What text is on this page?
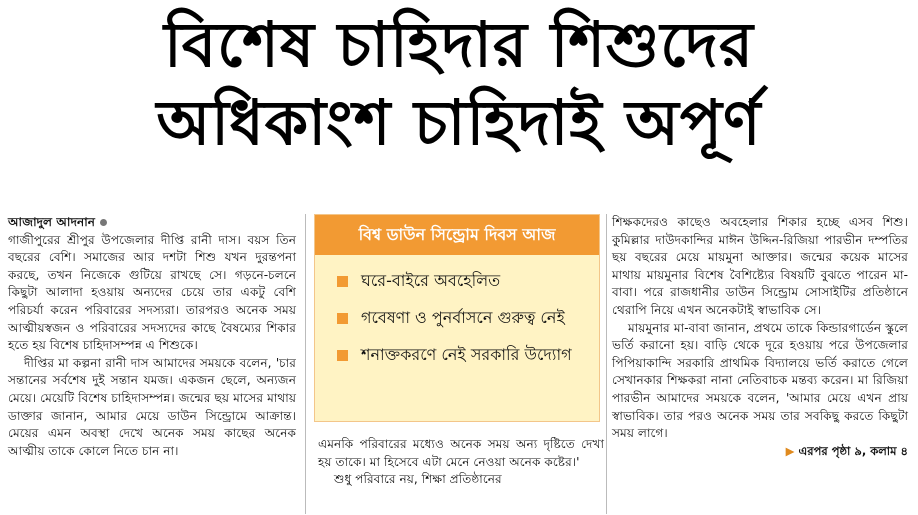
বিশেষ চাহিদার শিশুদের
অধিকাংশ চাহিদাই অপূর্ণ

আজাদুল আদনান

গাজীপুরের শ্রীপুর উপজেলার দীপ্তি রানী দাস। বয়স তিন বছরের বেশি। সমাজের আর দশটা শিশু যখন দুরন্তপনা করছে, তখন নিজেকে গুটিয়ে রাখছে সে। গড়নে-চলনে কিছুটা আলাদা হওয়ায় অন্যদের চেয়ে তার একটু বেশি পরিচর্যা করেন পরিবারের সদস্যরা। তারপরও অনেক সময় আত্মীয়স্বজন ও পরিবারের সদস্যদের কাছে বৈষম্যের শিকার হতে হয় বিশেষ চাহিদাসম্পন্ন এ শিশুকে।

দীপ্তির মা কল্পনা রানী দাস আমাদের সময়কে বলেন, 'চার সন্তানের সর্বশেষ দুই সন্তান যমজ। একজন ছেলে, অন্যজন মেয়ে। মেয়েটি বিশেষ চাহিদাসম্পন্ন। জন্মের ছয় মাসের মাথায় ডাক্তার জানান, আমার মেয়ে ডাউন সিন্ড্রোমে আক্রান্ত। মেয়ের এমন অবস্থা দেখে অনেক সময় কাছের অনেক আত্মীয় তাকে কোলে নিতে চান না।

বিশ্ব ডাউন সিন্ড্রোম দিবস আজ
ঘরে-বাইরে অবহেলিত
গবেষণা ও পুনর্বাসনে গুরুত্ব নেই
শনাক্তকরণে নেই সরকারি উদ্যোগ

এমনকি পরিবারের মধ্যেও অনেক সময় অন্য দৃষ্টিতে দেখা হয় তাকে। মা হিসেবে এটা মেনে নেওয়া অনেক কষ্টের।'

শুধু পরিবারে নয়, শিক্ষা প্রতিষ্ঠানের

শিক্ষকদেরও কাছেও অবহেলার শিকার হচ্ছে এসব শিশু। কুমিল্লার দাউদকান্দির মাঈন উদ্দিন-রিজিয়া পারভীন দম্পতির ছয় বছরের মেয়ে মায়মুনা আক্তার। জন্মের কয়েক মাসের মাথায় মায়মুনার বিশেষ বৈশিষ্ট্যের বিষয়টি বুঝতে পারেন মা-বাবা। পরে রাজধানীর ডাউন সিন্ড্রোম সোসাইটির প্রতিষ্ঠানে থেরাপি নিয়ে এখন অনেকটাই স্বাভাবিক সে।

মায়মুনার মা-বাবা জানান, প্রথমে তাকে কিন্ডারগার্ডেন স্কুলে ভর্তি করানো হয়। বাড়ি থেকে দূরে হওয়ায় পরে উপজেলার পিপিয়াকান্দি সরকারি প্রাথমিক বিদ্যালয়ে ভর্তি করাতে গেলে সেখানকার শিক্ষকরা নানা নেতিবাচক মন্তব্য করেন। মা রিজিয়া পারভীন আমাদের সময়কে বলেন, 'আমার মেয়ে এখন প্রায় স্বাভাবিক। তার পরও অনেক সময় তার সবকিছু করতে কিছুটা সময় লাগে।

▶ এরপর পৃষ্ঠা ৯, কলাম ৪
